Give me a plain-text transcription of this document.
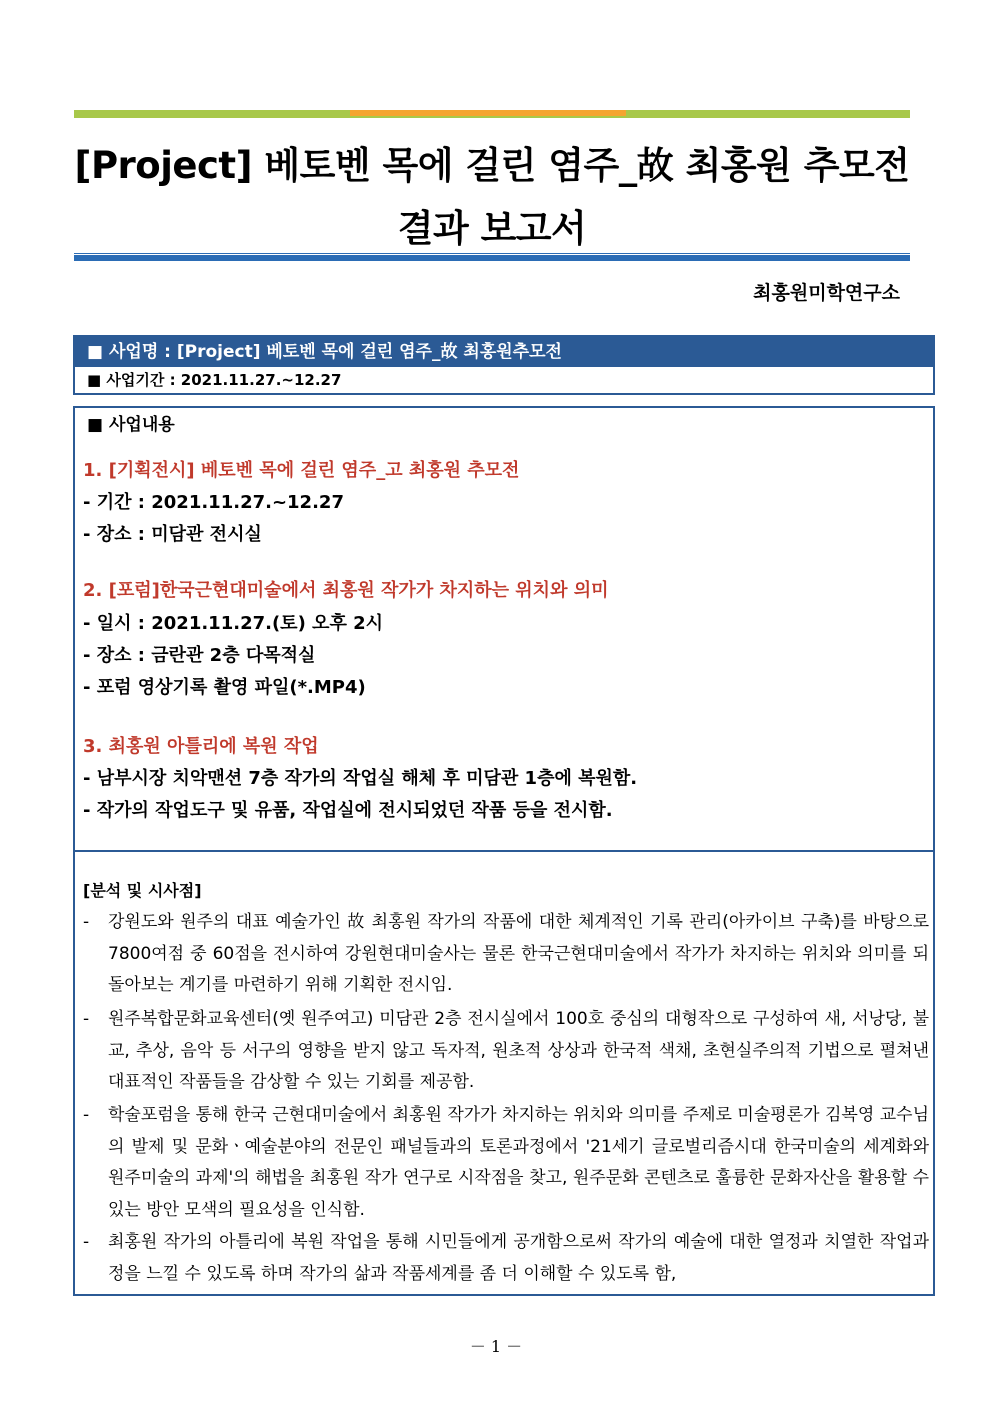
[Project] 베토벤 목에 걸린 염주_故 최홍원 추모전
결과 보고서
최홍원미학연구소
■ 사업명 : [Project] 베토벤 목에 걸린 염주_故 최홍원추모전
■ 사업기간 : 2021.11.27.~12.27
■ 사업내용
1. [기획전시] 베토벤 목에 걸린 염주_고 최홍원 추모전
- 기간 : 2021.11.27.~12.27
- 장소 : 미담관 전시실
2. [포럼]한국근현대미술에서 최홍원 작가가 차지하는 위치와 의미
- 일시 : 2021.11.27.(토) 오후 2시
- 장소 : 금란관 2층 다목적실
- 포럼 영상기록 촬영 파일(*.MP4)
3. 최홍원 아틀리에 복원 작업
- 남부시장 치악맨션 7층 작가의 작업실 해체 후 미담관 1층에 복원함.
- 작가의 작업도구 및 유품, 작업실에 전시되었던 작품 등을 전시함.
[분석 및 시사점]
- 강원도와 원주의 대표 예술가인 故 최홍원 작가의 작품에 대한 체계적인 기록 관리(아카이브 구축)를 바탕으로 7800여점 중 60점을 전시하여 강원현대미술사는 물론 한국근현대미술에서 작가가 차지하는 위치와 의미를 되돌아보는 계기를 마련하기 위해 기획한 전시임.
- 원주복합문화교육센터(옛 원주여고) 미담관 2층 전시실에서 100호 중심의 대형작으로 구성하여 새, 서낭당, 불교, 추상, 음악 등 서구의 영향을 받지 않고 독자적, 원초적 상상과 한국적 색채, 초현실주의적 기법으로 펼쳐낸 대표적인 작품들을 감상할 수 있는 기회를 제공함.
- 학술포럼을 통해 한국 근현대미술에서 최홍원 작가가 차지하는 위치와 의미를 주제로 미술평론가 김복영 교수님의 발제 및 문화ㆍ예술분야의 전문인 패널들과의 토론과정에서 '21세기 글로벌리즘시대 한국미술의 세계화와 원주미술의 과제'의 해법을 최홍원 작가 연구로 시작점을 찾고, 원주문화 콘텐츠로 훌륭한 문화자산을 활용할 수 있는 방안 모색의 필요성을 인식함.
- 최홍원 작가의 아틀리에 복원 작업을 통해 시민들에게 공개함으로써 작가의 예술에 대한 열정과 치열한 작업과정을 느낄 수 있도록 하며 작가의 삶과 작품세계를 좀 더 이해할 수 있도록 함,
－ 1 －
